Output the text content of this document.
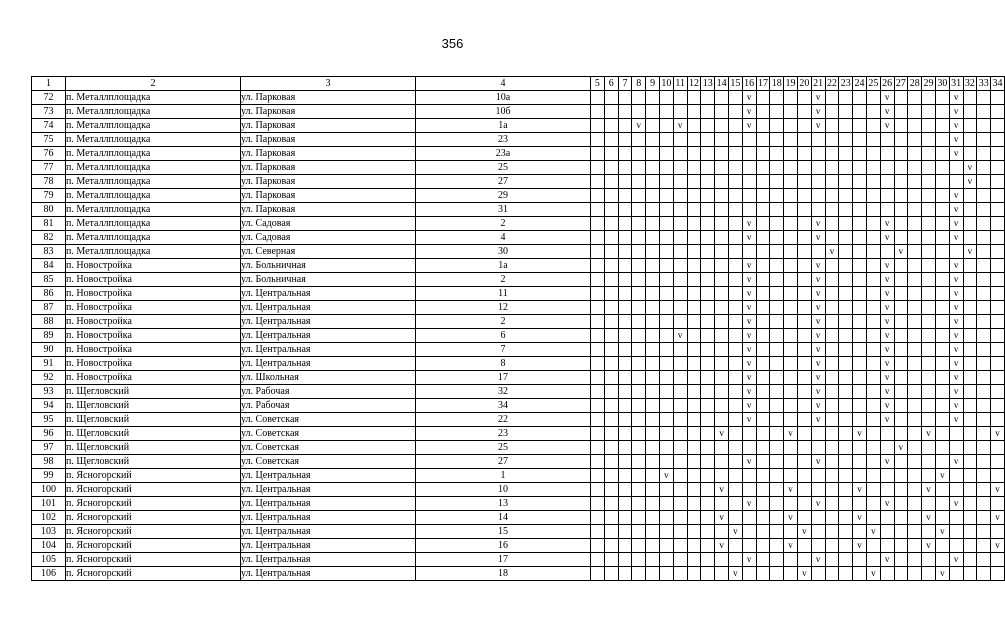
356
1	2	3	4	5	6	7	8	9	10	11	12	13	14	15	16	17	18	19	20	21	22	23	24	25	26	27	28	29	30	31	32	33	34
72	п. Металлплощадка	ул. Парковая	10а												v					v					v					v			
73	п. Металлплощадка	ул. Парковая	10б												v					v					v					v			
74	п. Металлплощадка	ул. Парковая	1а				v			v					v					v					v					v			
75	п. Металлплощадка	ул. Парковая	23																											v			
76	п. Металлплощадка	ул. Парковая	23а																											v			
77	п. Металлплощадка	ул. Парковая	25																												v		
78	п. Металлплощадка	ул. Парковая	27																												v		
79	п. Металлплощадка	ул. Парковая	29																											v			
80	п. Металлплощадка	ул. Парковая	31																											v			
81	п. Металлплощадка	ул. Садовая	2												v					v					v					v			
82	п. Металлплощадка	ул. Садовая	4												v					v					v					v			
83	п. Металлплощадка	ул. Северная	30																		v					v					v		
84	п. Новостройка	ул. Больничная	1а												v					v					v					v			
85	п. Новостройка	ул. Больничная	2												v					v					v					v			
86	п. Новостройка	ул. Центральная	11												v					v					v					v			
87	п. Новостройка	ул. Центральная	12												v					v					v					v			
88	п. Новостройка	ул. Центральная	2												v					v					v					v			
89	п. Новостройка	ул. Центральная	6							v					v					v					v					v			
90	п. Новостройка	ул. Центральная	7												v					v					v					v			
91	п. Новостройка	ул. Центральная	8												v					v					v					v			
92	п. Новостройка	ул. Школьная	17												v					v					v					v			
93	п. Щегловский	ул. Рабочая	32												v					v					v					v			
94	п. Щегловский	ул. Рабочая	34												v					v					v					v			
95	п. Щегловский	ул. Советская	22												v					v					v					v			
96	п. Щегловский	ул. Советская	23										v					v					v					v					v
97	п. Щегловский	ул. Советская	25																							v							
98	п. Щегловский	ул. Советская	27												v					v					v					v			
99	п. Ясногорский	ул. Центральная	1						v																				v				
100	п. Ясногорский	ул. Центральная	10										v					v					v					v					v
101	п. Ясногорский	ул. Центральная	13												v					v					v					v			
102	п. Ясногорский	ул. Центральная	14										v					v					v					v					v
103	п. Ясногорский	ул. Центральная	15											v					v					v					v				
104	п. Ясногорский	ул. Центральная	16										v					v					v					v					v
105	п. Ясногорский	ул. Центральная	17												v					v					v					v			
106	п. Ясногорский	ул. Центральная	18											v					v					v					v				
